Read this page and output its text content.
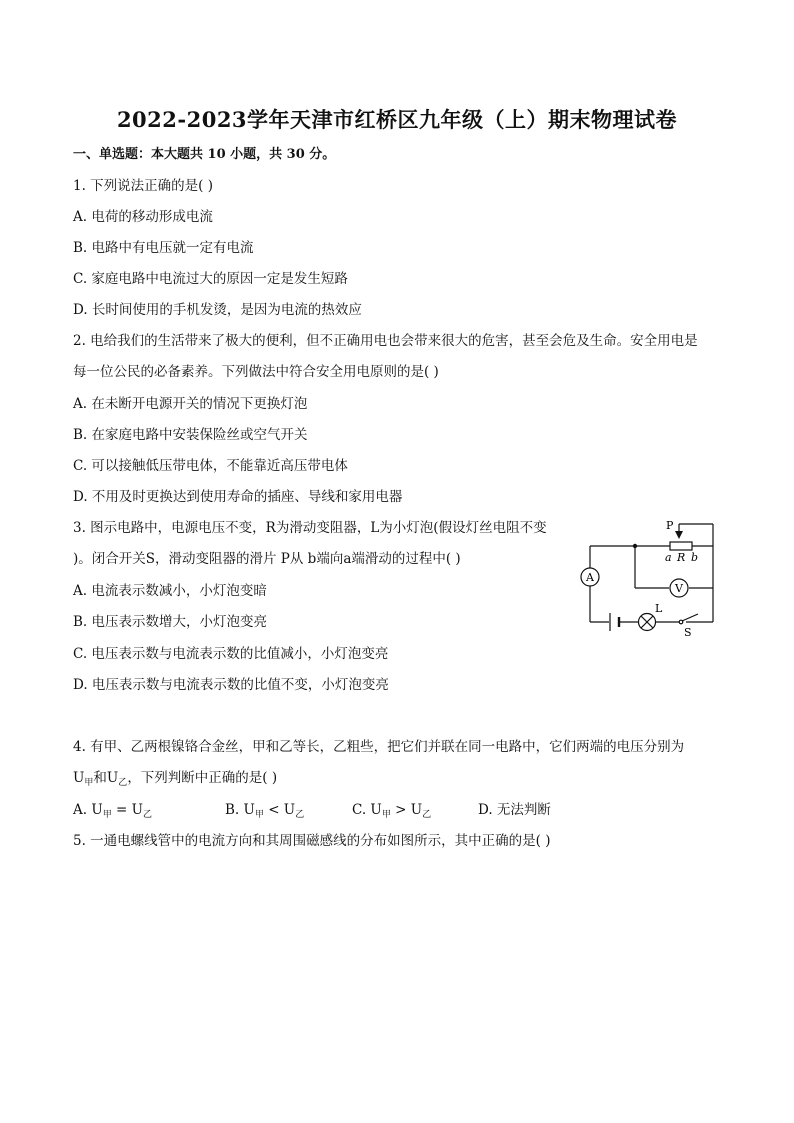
2022-2023学年天津市红桥区九年级（上）期末物理试卷
一、单选题：本大题共 10 小题，共 30 分。
1. 下列说法正确的是( )
A. 电荷的移动形成电流
B. 电路中有电压就一定有电流
C. 家庭电路中电流过大的原因一定是发生短路
D. 长时间使用的手机发烫，是因为电流的热效应
2. 电给我们的生活带来了极大的便利，但不正确用电也会带来很大的危害，甚至会危及生命。安全用电是
每一位公民的必备素养。下列做法中符合安全用电原则的是( )
A. 在未断开电源开关的情况下更换灯泡
B. 在家庭电路中安装保险丝或空气开关
C. 可以接触低压带电体，不能靠近高压带电体
D. 不用及时更换达到使用寿命的插座、导线和家用电器
3. 图示电路中，电源电压不变，R为滑动变阻器，L为小灯泡(假设灯丝电阻不变
)。闭合开关S，滑动变阻器的滑片 P从 b端向a端滑动的过程中( )
A. 电流表示数减小，小灯泡变暗
B. 电压表示数增大，小灯泡变亮
C. 电压表示数与电流表示数的比值减小，小灯泡变亮
D. 电压表示数与电流表示数的比值不变，小灯泡变亮
P
a R b
A
V
L
S
4. 有甲、乙两根镍铬合金丝，甲和乙等长，乙粗些，把它们并联在同一电路中，它们两端的电压分别为
$U_甲$和$U_乙$，下列判断中正确的是( )
A. $U_甲 = U_乙$	B. $U_甲 < U_乙$	C. $U_甲 > U_乙$	D. 无法判断
5. 一通电螺线管中的电流方向和其周围磁感线的分布如图所示，其中正确的是( )
